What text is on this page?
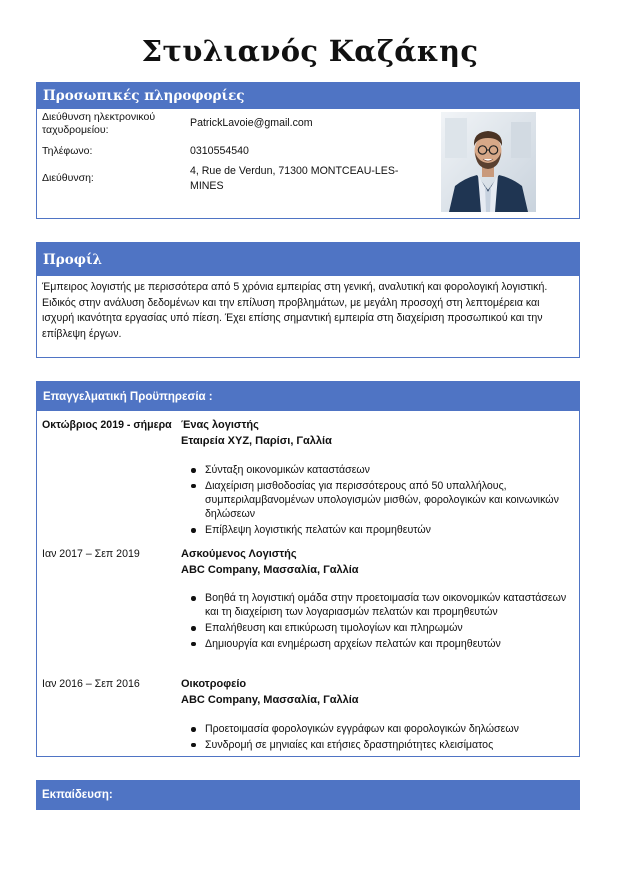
Στυλιανός Καζάκης
Προσωπικές πληροφορίες
Διεύθυνση ηλεκτρονικού ταχυδρομείου:
PatrickLavoie@gmail.com
Τηλέφωνο:	0310554540
Διεύθυνση:
4, Rue de Verdun, 71300 MONTCEAU-LES-MINES
Προφίλ
Έμπειρος λογιστής με περισσότερα από 5 χρόνια εμπειρίας στη γενική, αναλυτική και φορολογική λογιστική. Ειδικός στην ανάλυση δεδομένων και την επίλυση προβλημάτων, με μεγάλη προσοχή στη λεπτομέρεια και ισχυρή ικανότητα εργασίας υπό πίεση. Έχει επίσης σημαντική εμπειρία στη διαχείριση προσωπικού και την επίβλεψη έργων.
Επαγγελματική Προϋπηρεσία :
Οκτώβριος 2019 - σήμερα Ένας λογιστής
Εταιρεία XYZ, Παρίσι, Γαλλία
Σύνταξη οικονομικών καταστάσεων
Διαχείριση μισθοδοσίας για περισσότερους από 50 υπαλλήλους, συμπεριλαμβανομένων υπολογισμών μισθών, φορολογικών και κοινωνικών δηλώσεων
Επίβλεψη λογιστικής πελατών και προμηθευτών
Ιαν 2017 – Σεπ 2019	Ασκούμενος Λογιστής
ABC Company, Μασσαλία, Γαλλία
Βοηθά τη λογιστική ομάδα στην προετοιμασία των οικονομικών καταστάσεων και τη διαχείριση των λογαριασμών πελατών και προμηθευτών
Επαλήθευση και επικύρωση τιμολογίων και πληρωμών
Δημιουργία και ενημέρωση αρχείων πελατών και προμηθευτών
Ιαν 2016 – Σεπ 2016	Οικοτροφείο
ABC Company, Μασσαλία, Γαλλία
Προετοιμασία φορολογικών εγγράφων και φορολογικών δηλώσεων
Συνδρομή σε μηνιαίες και ετήσιες δραστηριότητες κλεισίματος
Εκπαίδευση:
